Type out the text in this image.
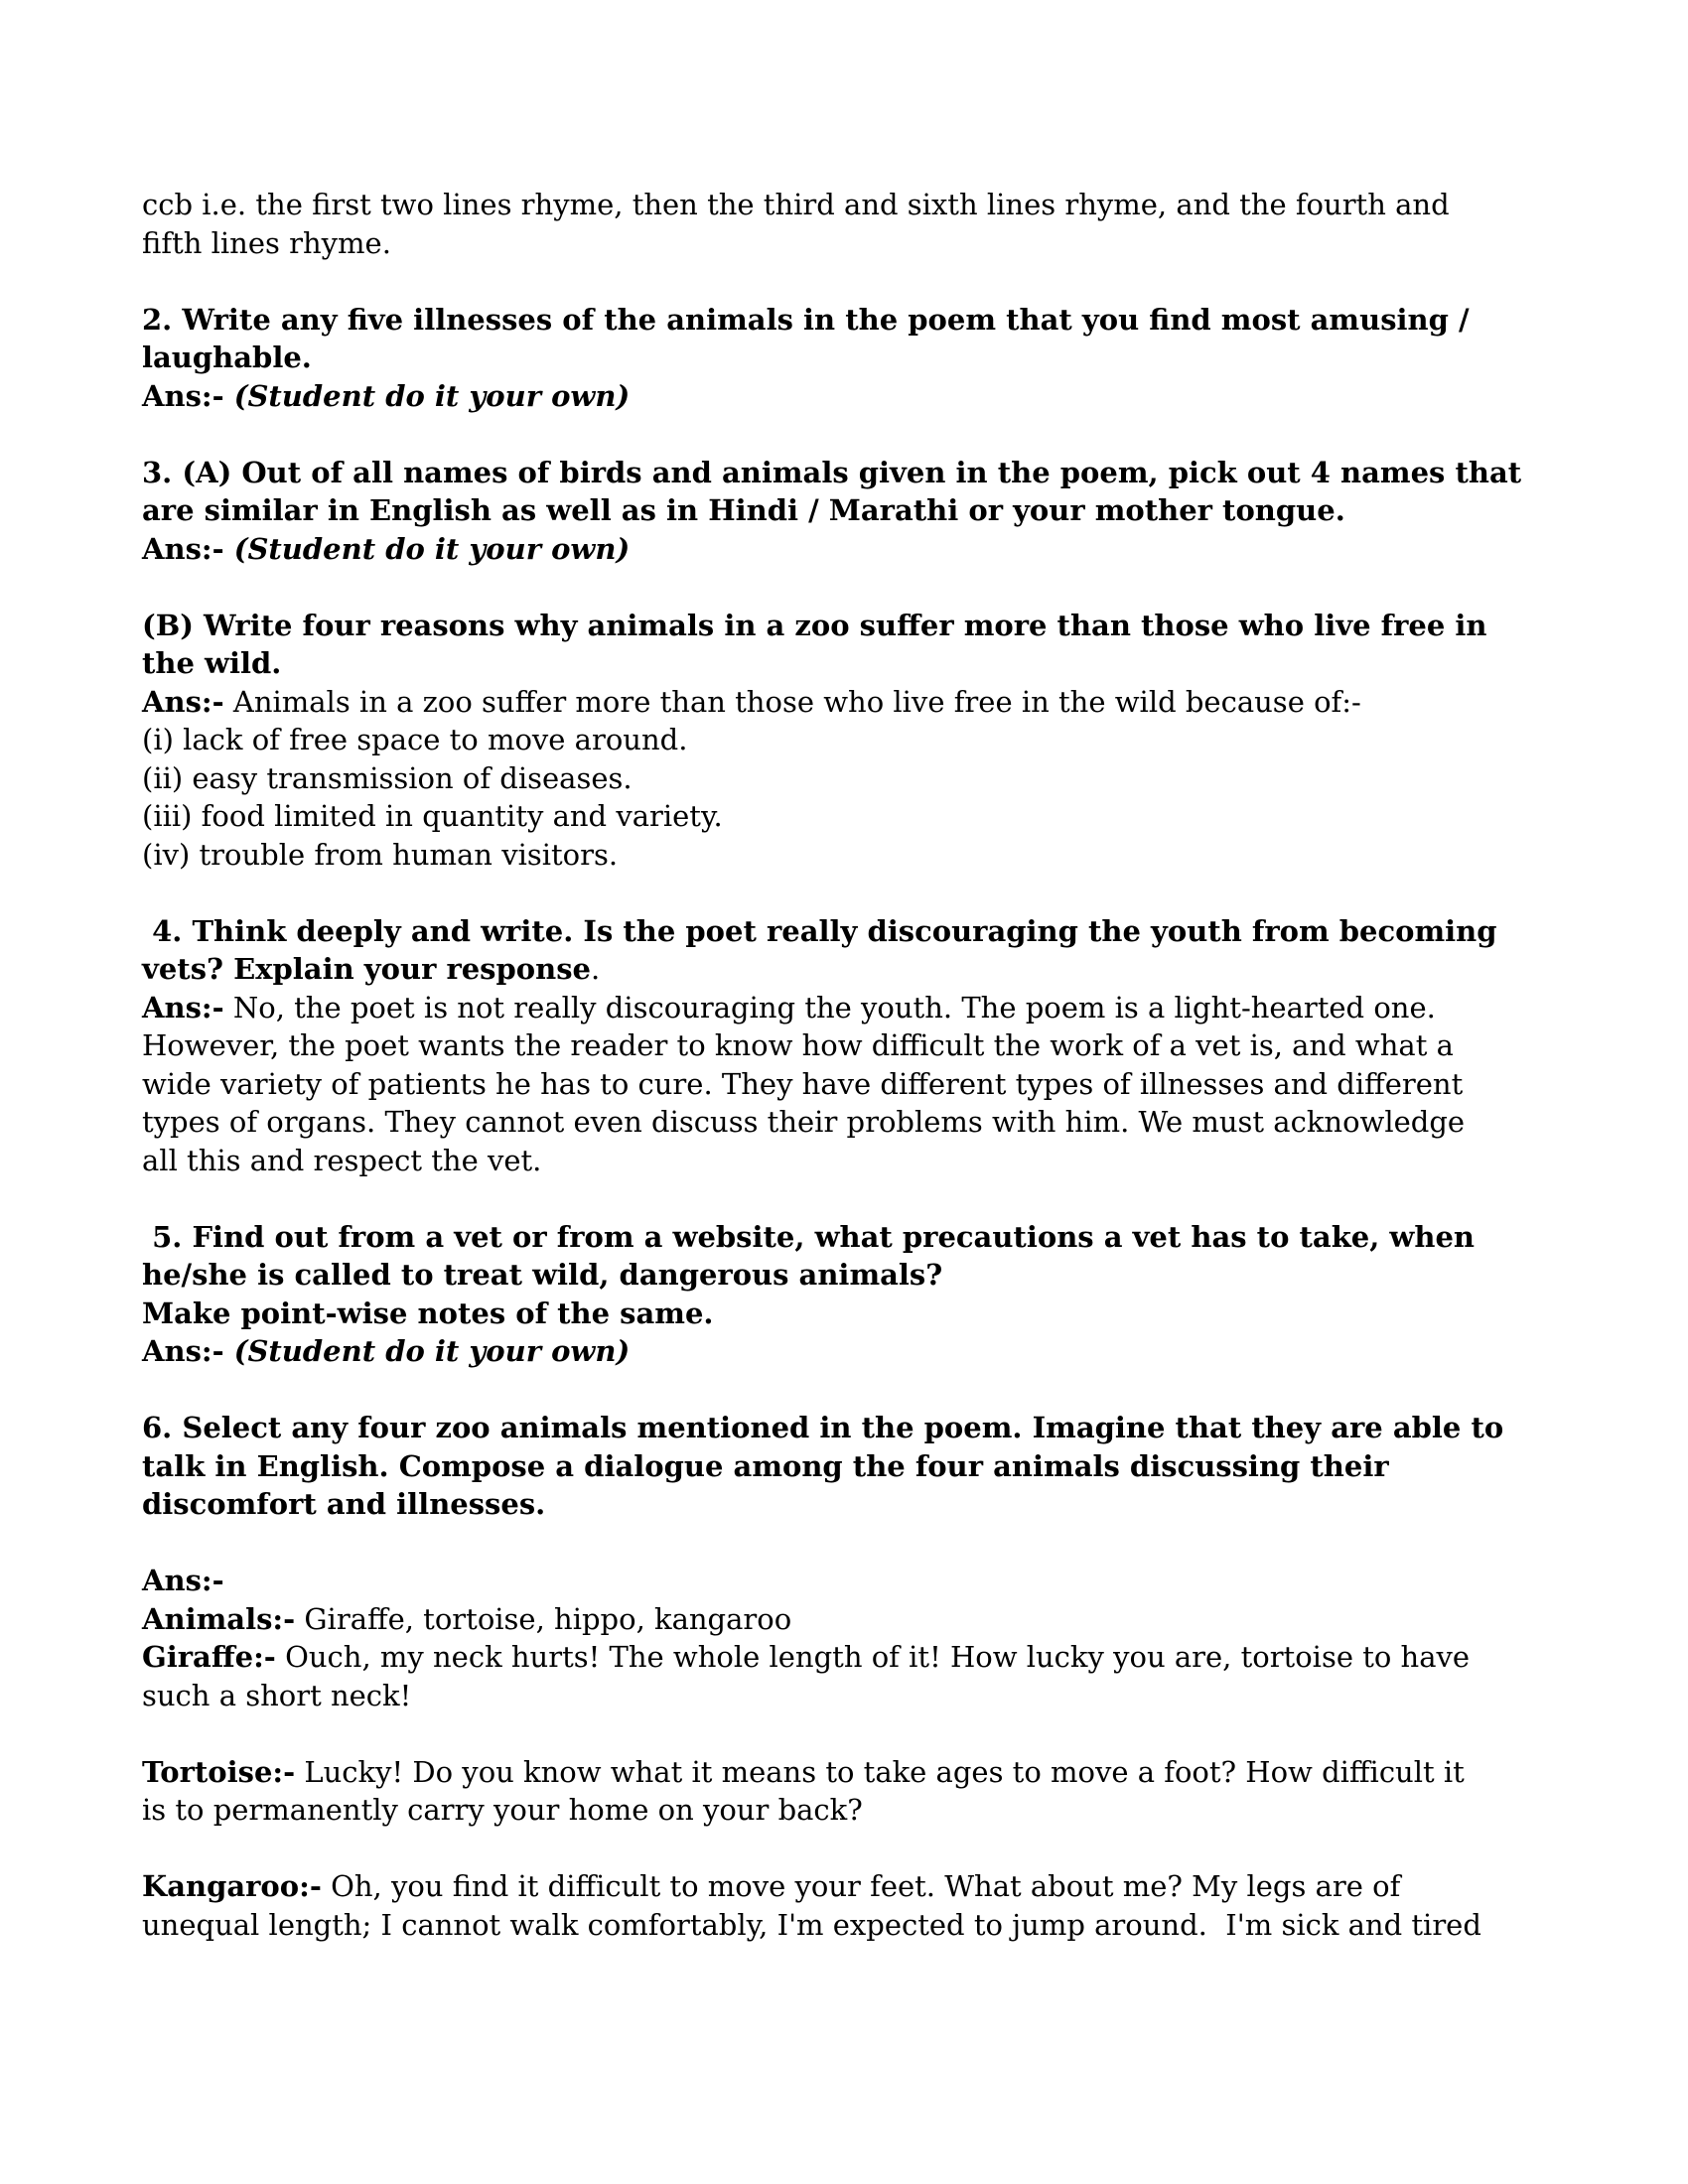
ccb i.e. the first two lines rhyme, then the third and sixth lines rhyme, and the fourth and
fifth lines rhyme.
2. Write any five illnesses of the animals in the poem that you find most amusing /
laughable.
Ans:- (Student do it your own)
3. (A) Out of all names of birds and animals given in the poem, pick out 4 names that
are similar in English as well as in Hindi / Marathi or your mother tongue.
Ans:- (Student do it your own)
(B) Write four reasons why animals in a zoo suffer more than those who live free in
the wild.
Ans:- Animals in a zoo suffer more than those who live free in the wild because of:-
(i) lack of free space to move around.
(ii) easy transmission of diseases.
(iii) food limited in quantity and variety.
(iv) trouble from human visitors.
4. Think deeply and write. Is the poet really discouraging the youth from becoming
vets? Explain your response.
Ans:- No, the poet is not really discouraging the youth. The poem is a light-hearted one.
However, the poet wants the reader to know how difficult the work of a vet is, and what a
wide variety of patients he has to cure. They have different types of illnesses and different
types of organs. They cannot even discuss their problems with him. We must acknowledge
all this and respect the vet.
5. Find out from a vet or from a website, what precautions a vet has to take, when
he/she is called to treat wild, dangerous animals?
Make point-wise notes of the same.
Ans:- (Student do it your own)
6. Select any four zoo animals mentioned in the poem. Imagine that they are able to
talk in English. Compose a dialogue among the four animals discussing their
discomfort and illnesses.
Ans:-
Animals:- Giraffe, tortoise, hippo, kangaroo
Giraffe:- Ouch, my neck hurts! The whole length of it! How lucky you are, tortoise to have
such a short neck!
Tortoise:- Lucky! Do you know what it means to take ages to move a foot? How difficult it
is to permanently carry your home on your back?
Kangaroo:- Oh, you find it difficult to move your feet. What about me? My legs are of
unequal length; I cannot walk comfortably, I'm expected to jump around.  I'm sick and tired
